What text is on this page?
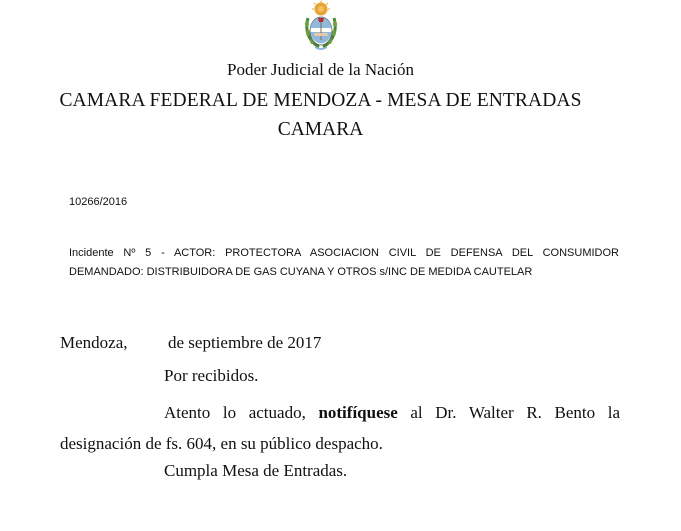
Poder Judicial de la Nación
CAMARA FEDERAL DE MENDOZA - MESA DE ENTRADAS
CAMARA
10266/2016
Incidente Nº 5 - ACTOR: PROTECTORA ASOCIACION CIVIL DE DEFENSA DEL CONSUMIDOR DEMANDADO: DISTRIBUIDORA DE GAS CUYANA Y OTROS s/INC DE MEDIDA CAUTELAR
Mendoza, de septiembre de 2017
Por recibidos.
Atento lo actuado, notifíquese al Dr. Walter R. Bento la designación de fs. 604, en su público despacho.
Cumpla Mesa de Entradas.
